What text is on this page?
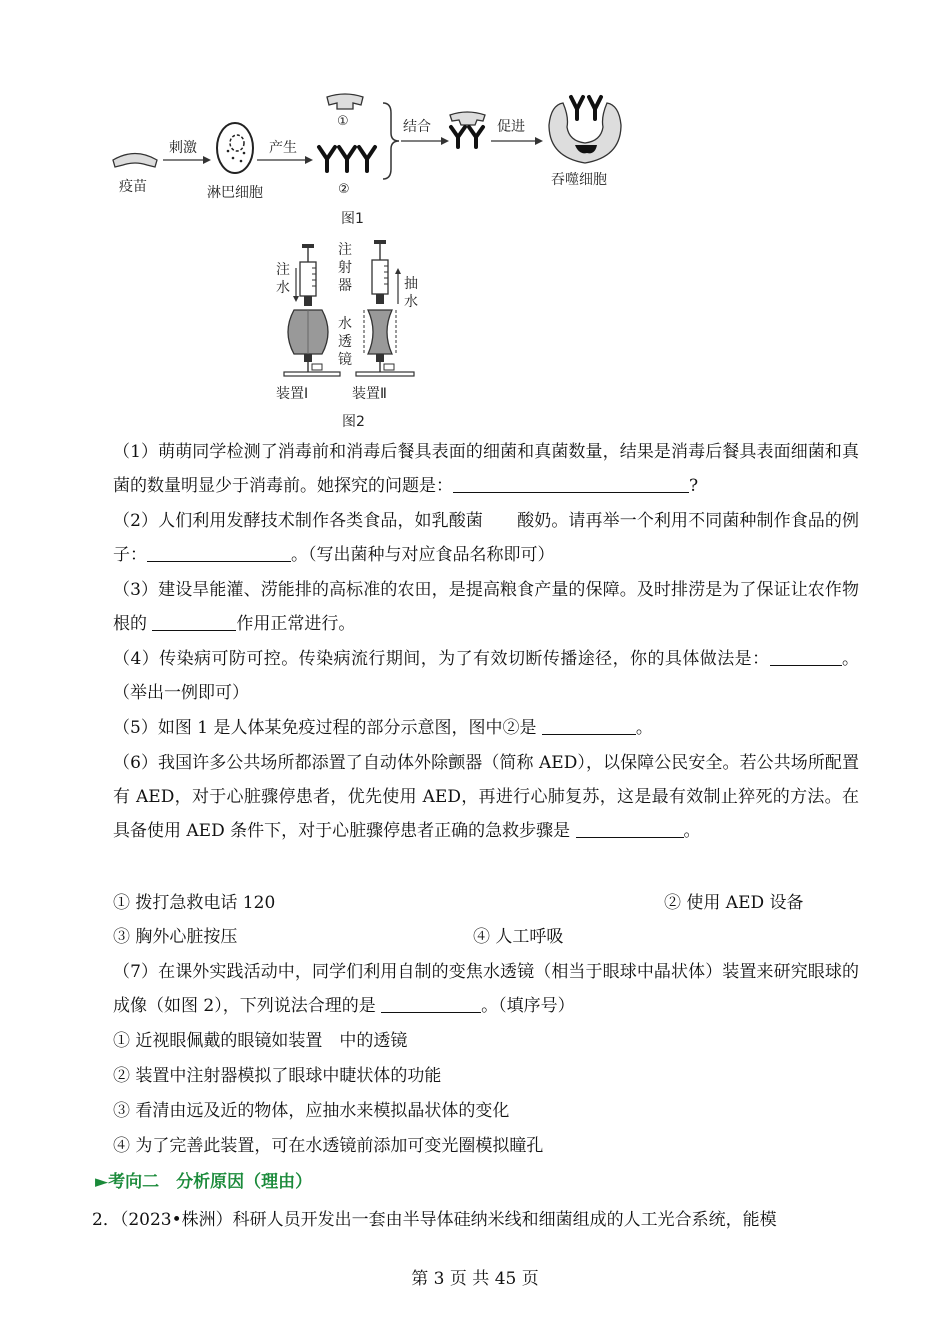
疫苗
刺激
淋巴细胞
产生
①
②
结合	促进
吞噬细胞
图1
注
水
注
射
器	抽
水
水
透
镜
装置Ⅰ	装置Ⅱ
图2
（1）萌萌同学检测了消毒前和消毒后餐具表面的细菌和真菌数量，结果是消毒后餐具表面细菌和真菌的数量明显少于消毒前。她探究的问题是：	?
（2）人们利用发酵技术制作各类食品，如乳酸菌　　酸奶。请再举一个利用不同菌种制作食品的例子：	。（写出菌种与对应食品名称即可）
（3）建设旱能灌、涝能排的高标准的农田，是提高粮食产量的保障。及时排涝是为了保证让农作物根的	作用正常进行。
（4）传染病可防可控。传染病流行期间，为了有效切断传播途径，你的具体做法是：	。（举出一例即可）
（5）如图 1 是人体某免疫过程的部分示意图，图中②是	。
（6）我国许多公共场所都添置了自动体外除颤器（简称 AED），以保障公民安全。若公共场所配置有 AED，对于心脏骤停患者，优先使用 AED，再进行心肺复苏，这是最有效制止猝死的方法。在具备使用 AED 条件下，对于心脏骤停患者正确的急救步骤是	。
① 拨打急救电话 120	② 使用 AED 设备
③ 胸外心脏按压	④ 人工呼吸
（7）在课外实践活动中，同学们利用自制的变焦水透镜（相当于眼球中晶状体）装置来研究眼球的成像（如图 2），下列说法合理的是	。（填序号）
① 近视眼佩戴的眼镜如装置　中的透镜
② 装置中注射器模拟了眼球中睫状体的功能
③ 看清由远及近的物体，应抽水来模拟晶状体的变化
④ 为了完善此装置，可在水透镜前添加可变光圈模拟瞳孔
►考向二　分析原因（理由）
2．（2023•株洲）科研人员开发出一套由半导体硅纳米线和细菌组成的人工光合系统，能模
第 3 页 共 45 页
